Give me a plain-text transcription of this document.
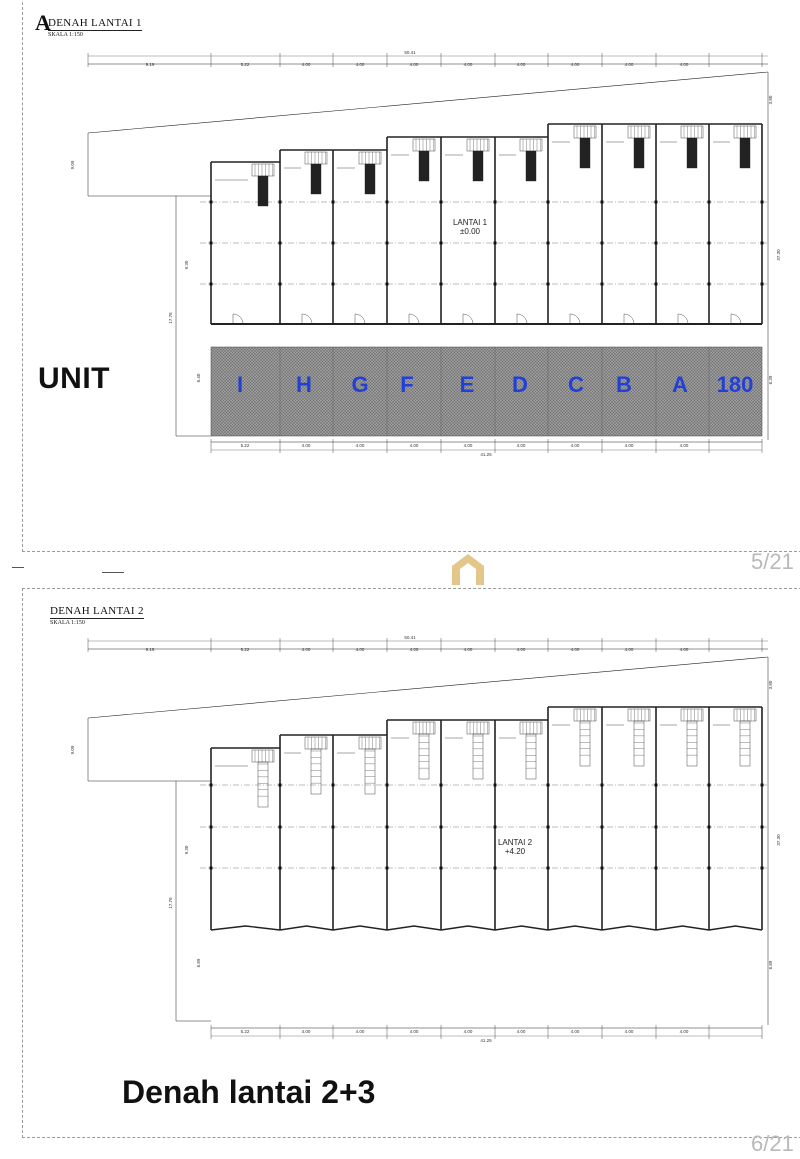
DENAH LANTAI 1
SKALA 1:150
A
DENAH LANTAI 2
SKALA 1:150
UNIT
5/21
6/21
Denah lantai 2+3
50.41
9.19	5.22	4.00	4.00	4.00	4.00	4.00	4.00	4.00	4.00
9.09
9.30
17.76
6.40
3.80
37.30
6.39
5.22	4.00	4.00	4.00	4.00	4.00	4.00	4.00	4.00
41.25
LANTAI 1
±0.00
I H G F E D C B A 180
50.41
9.19	5.22	4.00	4.00	4.00	4.00	4.00	4.00	4.00	4.00
9.09
9.30
17.76
6.89
3.80
37.30
6.89
5.22	4.00	4.00	4.00	4.00	4.00	4.00	4.00	4.00
41.25
LANTAI 2
+4.20
